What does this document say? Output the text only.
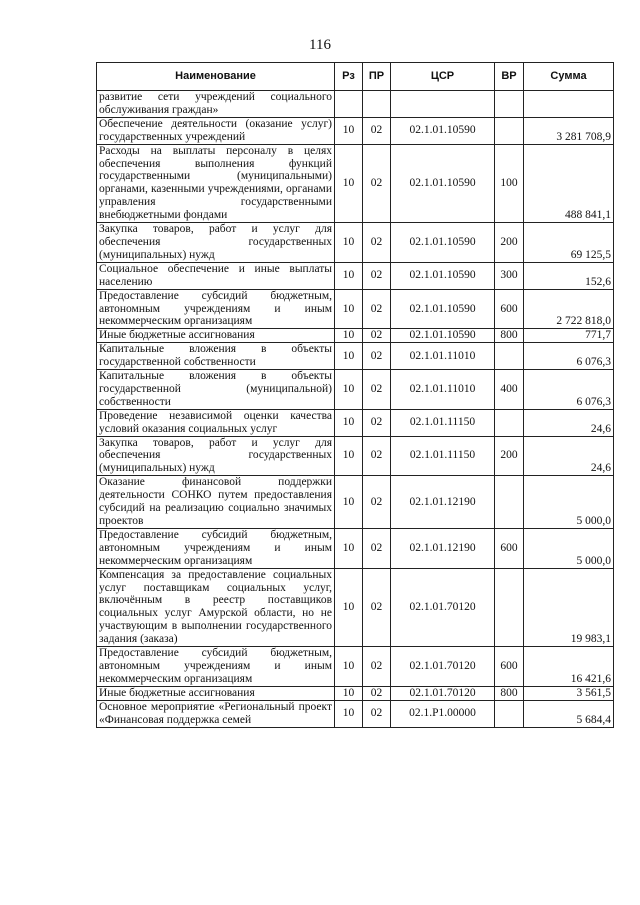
116
Наименование	Рз	ПР	ЦСР	ВР	Сумма
развитие сети учреждений социального обслуживания граждан»					
Обеспечение деятельности (оказание услуг) государственных учреждений	10	02	02.1.01.10590		3 281 708,9
Расходы на выплаты персоналу в целях обеспечения выполнения функций государственными (муниципальными) органами, казенными учреждениями, органами управления государственными внебюджетными фондами	10	02	02.1.01.10590	100	488 841,1
Закупка товаров, работ и услуг для обеспечения государственных (муниципальных) нужд	10	02	02.1.01.10590	200	69 125,5
Социальное обеспечение и иные выплаты населению	10	02	02.1.01.10590	300	152,6
Предоставление субсидий бюджетным, автономным учреждениям и иным некоммерческим организациям	10	02	02.1.01.10590	600	2 722 818,0
Иные бюджетные ассигнования	10	02	02.1.01.10590	800	771,7
Капитальные вложения в объекты государственной собственности	10	02	02.1.01.11010		6 076,3
Капитальные вложения в объекты государственной (муниципальной) собственности	10	02	02.1.01.11010	400	6 076,3
Проведение независимой оценки качества условий оказания социальных услуг	10	02	02.1.01.11150		24,6
Закупка товаров, работ и услуг для обеспечения государственных (муниципальных) нужд	10	02	02.1.01.11150	200	24,6
Оказание финансовой поддержки деятельности СОНКО путем предоставления субсидий на реализацию социально значимых проектов	10	02	02.1.01.12190		5 000,0
Предоставление субсидий бюджетным, автономным учреждениям и иным некоммерческим организациям	10	02	02.1.01.12190	600	5 000,0
Компенсация за предоставление социальных услуг поставщикам социальных услуг, включённым в реестр поставщиков социальных услуг Амурской области, но не участвующим в выполнении государственного задания (заказа)	10	02	02.1.01.70120		19 983,1
Предоставление субсидий бюджетным, автономным учреждениям и иным некоммерческим организациям	10	02	02.1.01.70120	600	16 421,6
Иные бюджетные ассигнования	10	02	02.1.01.70120	800	3 561,5
Основное мероприятие «Региональный проект «Финансовая поддержка семей	10	02	02.1.P1.00000		5 684,4
